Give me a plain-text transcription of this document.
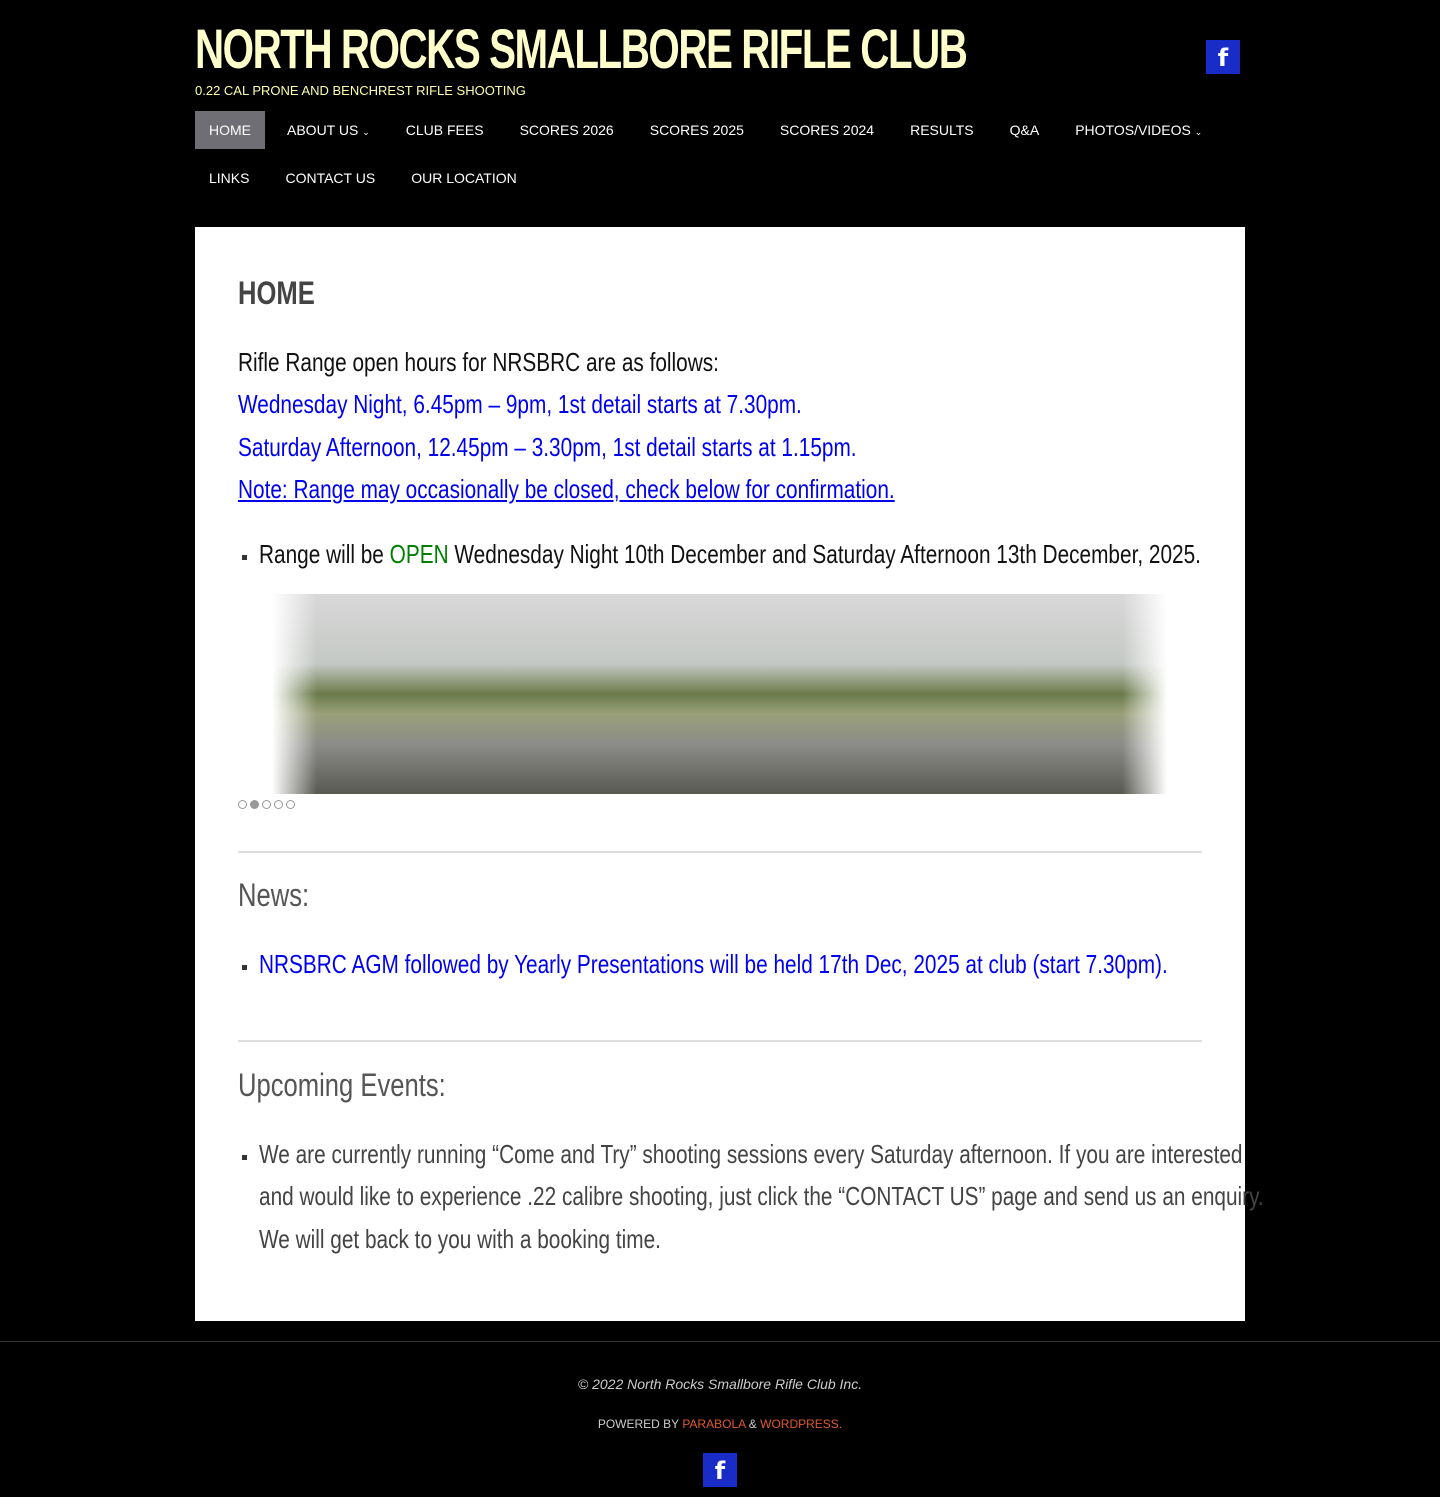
NORTH ROCKS SMALLBORE RIFLE CLUB
0.22 CAL PRONE AND BENCHREST RIFLE SHOOTING
f
HOME	ABOUT US ⌄	CLUB FEES	SCORES 2026	SCORES 2025	SCORES 2024	RESULTS	Q&A	PHOTOS/VIDEOS ⌄
LINKS	CONTACT US	OUR LOCATION
HOME
Rifle Range open hours for NRSBRC are as follows:
Wednesday Night, 6.45pm – 9pm, 1st detail starts at 7.30pm.
Saturday Afternoon, 12.45pm – 3.30pm, 1st detail starts at 1.15pm.
Note: Range may occasionally be closed, check below for confirmation.
Range will be OPEN Wednesday Night 10th December and Saturday Afternoon 13th December, 2025.
News:
NRSBRC AGM followed by Yearly Presentations will be held 17th Dec, 2025 at club (start 7.30pm).
Upcoming Events:
We are currently running “Come and Try” shooting sessions every Saturday afternoon. If you are interested
and would like to experience .22 calibre shooting, just click the “CONTACT US” page and send us an enquiry.
We will get back to you with a booking time.
© 2022 North Rocks Smallbore Rifle Club Inc.
POWERED BY PARABOLA & WORDPRESS.
f
